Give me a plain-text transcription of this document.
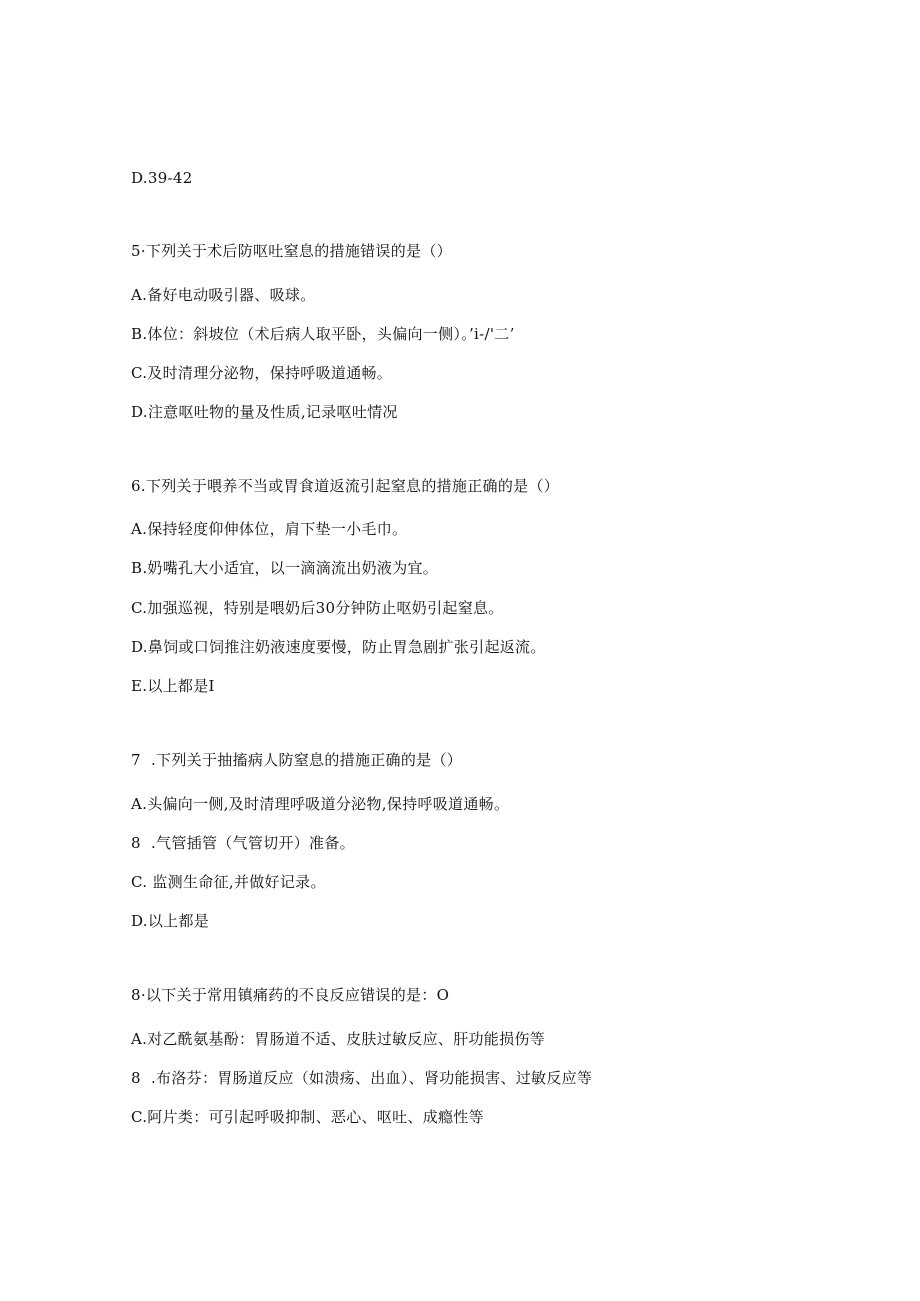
D.39-42
5·下列关于术后防呕吐窒息的措施错误的是（）
A.备好电动吸引器、吸球。
B.体位：斜坡位（术后病人取平卧，头偏向一侧）。’i-/'二’
C.及时清理分泌物，保持呼吸道通畅。
D.注意呕吐物的量及性质,记录呕吐情况
6.下列关于喂养不当或胃食道返流引起窒息的措施正确的是（）
A.保持轻度仰伸体位，肩下垫一小毛巾。
B.奶嘴孔大小适宜，以一滴滴流出奶液为宜。
C.加强巡视，特别是喂奶后30分钟防止呕奶引起窒息。
D.鼻饲或口饲推注奶液速度要慢，防止胃急剧扩张引起返流。
E.以上都是I
7  .下列关于抽搐病人防窒息的措施正确的是（）
A.头偏向一侧,及时清理呼吸道分泌物,保持呼吸道通畅。
8  .气管插管（气管切开）准备。
C. 监测生命征,并做好记录。
D.以上都是
8·以下关于常用镇痛药的不良反应错误的是：O
A.对乙酰氨基酚：胃肠道不适、皮肤过敏反应、肝功能损伤等
8  .布洛芬：胃肠道反应（如溃疡、出血）、肾功能损害、过敏反应等
C.阿片类：可引起呼吸抑制、恶心、呕吐、成瘾性等
